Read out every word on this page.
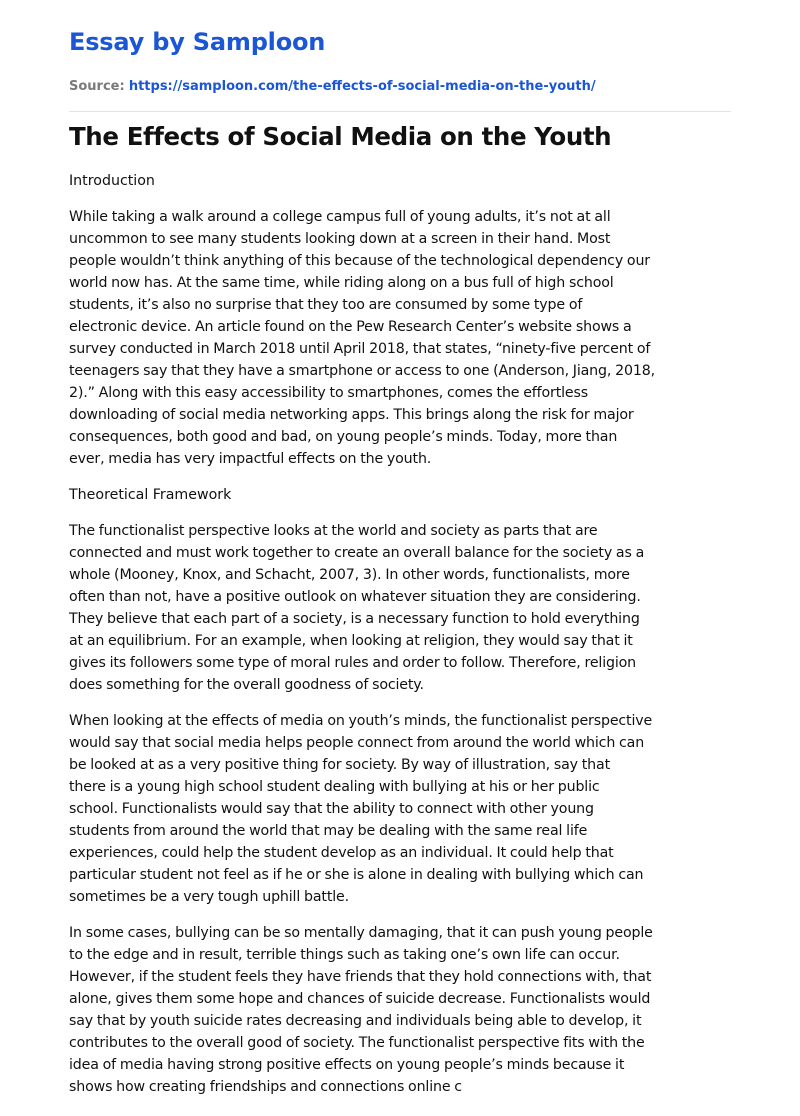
Essay by Samploon
Source: https://samploon.com/the-effects-of-social-media-on-the-youth/
The Effects of Social Media on the Youth
Introduction
While taking a walk around a college campus full of young adults, it’s not at all
uncommon to see many students looking down at a screen in their hand. Most
people wouldn’t think anything of this because of the technological dependency our
world now has. At the same time, while riding along on a bus full of high school
students, it’s also no surprise that they too are consumed by some type of
electronic device. An article found on the Pew Research Center’s website shows a
survey conducted in March 2018 until April 2018, that states, “ninety-five percent of
teenagers say that they have a smartphone or access to one (Anderson, Jiang, 2018,
2).” Along with this easy accessibility to smartphones, comes the effortless
downloading of social media networking apps. This brings along the risk for major
consequences, both good and bad, on young people’s minds. Today, more than
ever, media has very impactful effects on the youth.
Theoretical Framework
The functionalist perspective looks at the world and society as parts that are
connected and must work together to create an overall balance for the society as a
whole (Mooney, Knox, and Schacht, 2007, 3). In other words, functionalists, more
often than not, have a positive outlook on whatever situation they are considering.
They believe that each part of a society, is a necessary function to hold everything
at an equilibrium. For an example, when looking at religion, they would say that it
gives its followers some type of moral rules and order to follow. Therefore, religion
does something for the overall goodness of society.
When looking at the effects of media on youth’s minds, the functionalist perspective
would say that social media helps people connect from around the world which can
be looked at as a very positive thing for society. By way of illustration, say that
there is a young high school student dealing with bullying at his or her public
school. Functionalists would say that the ability to connect with other young
students from around the world that may be dealing with the same real life
experiences, could help the student develop as an individual. It could help that
particular student not feel as if he or she is alone in dealing with bullying which can
sometimes be a very tough uphill battle.
In some cases, bullying can be so mentally damaging, that it can push young people
to the edge and in result, terrible things such as taking one’s own life can occur.
However, if the student feels they have friends that they hold connections with, that
alone, gives them some hope and chances of suicide decrease. Functionalists would
say that by youth suicide rates decreasing and individuals being able to develop, it
contributes to the overall good of society. The functionalist perspective fits with the
idea of media having strong positive effects on young people’s minds because it
shows how creating friendships and connections online c
